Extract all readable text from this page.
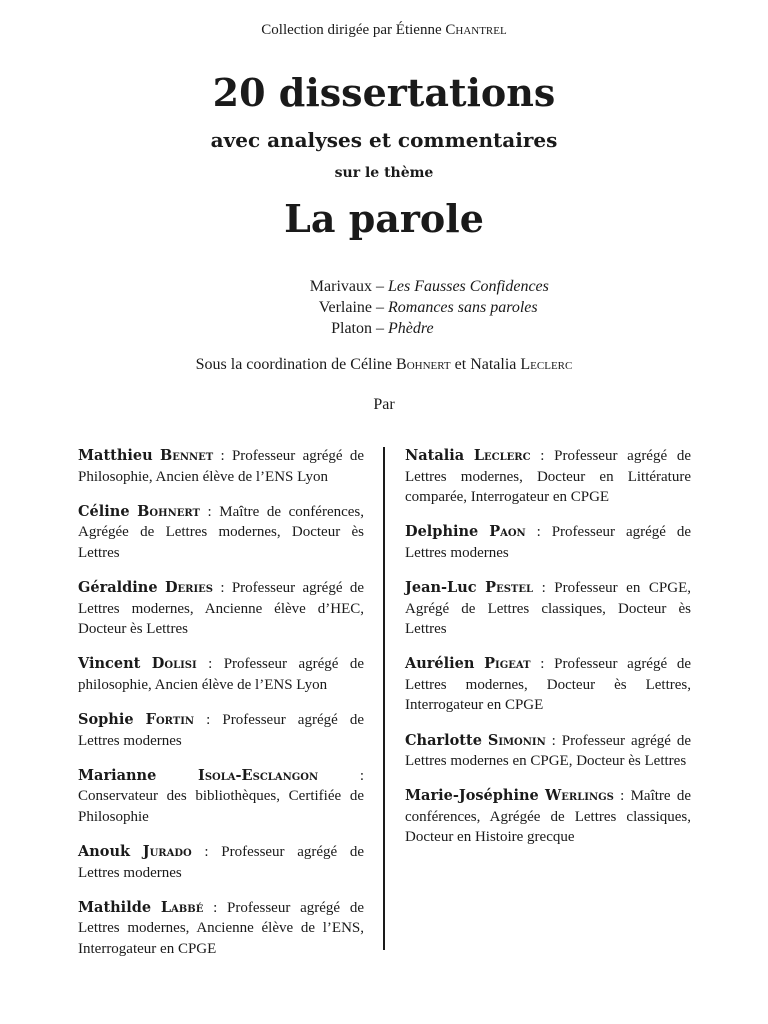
Collection dirigée par Étienne Chantrel
20 dissertations
avec analyses et commentaires
sur le thème
La parole
Marivaux – Les Fausses Confidences
Verlaine – Romances sans paroles
Platon – Phèdre
Sous la coordination de Céline Bohnert et Natalia Leclerc
Par

Matthieu Bennet : Professeur agrégé de Philosophie, Ancien élève de l’ENS Lyon

Céline Bohnert : Maître de conférences, Agrégée de Lettres modernes, Docteur ès Lettres

Géraldine Deries : Professeur agrégé de Lettres modernes, Ancienne élève d’HEC, Docteur ès Lettres

Vincent Dolisi : Professeur agrégé de philosophie, Ancien élève de l’ENS Lyon

Sophie Fortin : Professeur agrégé de Lettres modernes

Marianne	Isola-Esclangon : Conservateur des bibliothèques, Certifiée de Philosophie

Anouk Jurado : Professeur agrégé de Lettres modernes

Mathilde Labbé : Professeur agrégé de Lettres modernes, Ancienne élève de l’ENS, Interrogateur en CPGE

Natalia Leclerc : Professeur agrégé de Lettres modernes, Docteur en Littérature comparée, Interrogateur en CPGE

Delphine Paon : Professeur agrégé de Lettres modernes

Jean-Luc Pestel : Professeur en CPGE, Agrégé de Lettres classiques, Docteur ès Lettres

Aurélien Pigeat : Professeur agrégé de Lettres modernes, Docteur ès Lettres, Interrogateur en CPGE

Charlotte Simonin : Professeur agrégé de Lettres modernes en CPGE, Docteur ès Lettres

Marie-Joséphine Werlings : Maître de conférences, Agrégée de Lettres classiques, Docteur en Histoire grecque
